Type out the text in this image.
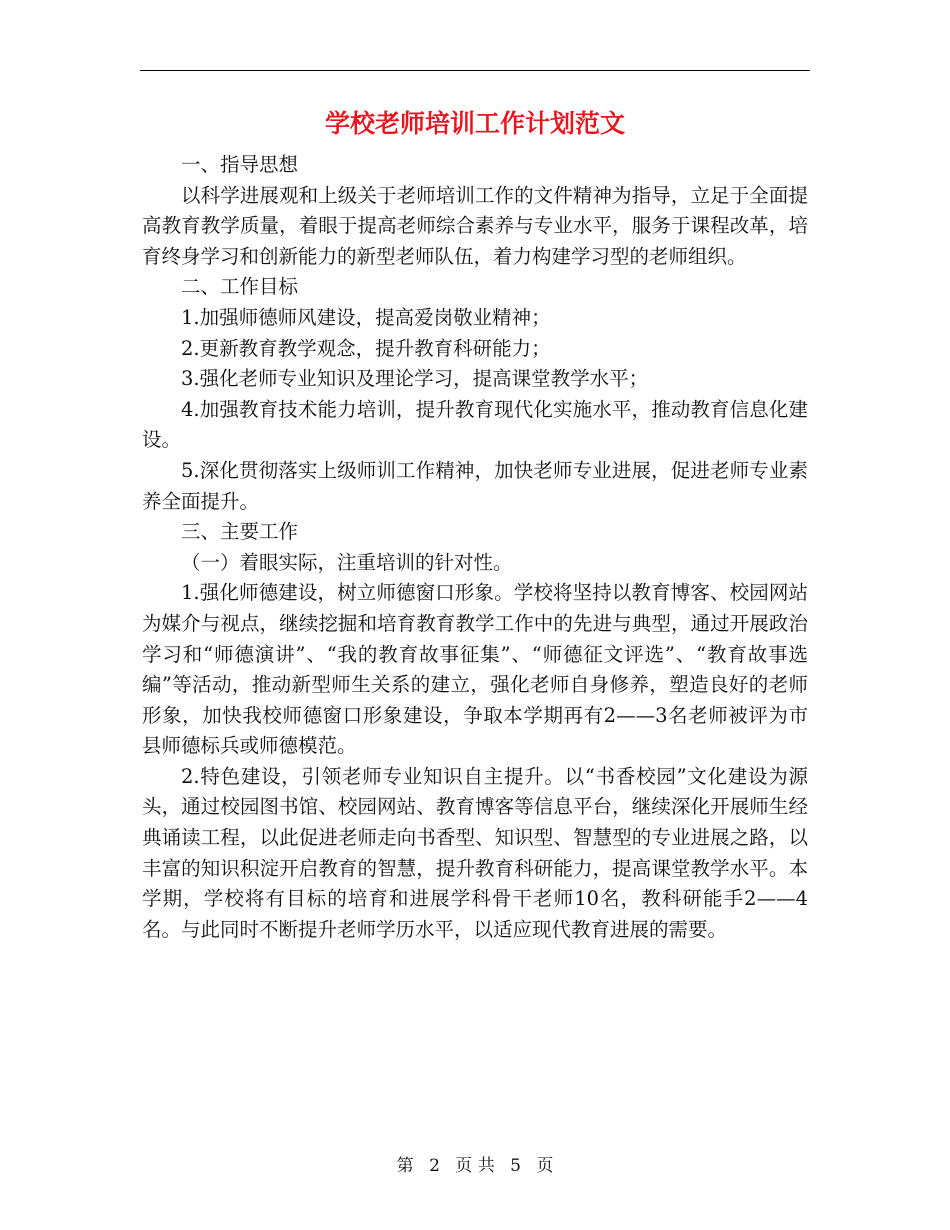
学校老师培训工作计划范文

一、指导思想

以科学进展观和上级关于老师培训工作的文件精神为指导，立足于全面提高教育教学质量，着眼于提高老师综合素养与专业水平，服务于课程改革，培育终身学习和创新能力的新型老师队伍，着力构建学习型的老师组织。

二、工作目标

1.加强师德师风建设，提高爱岗敬业精神；

2.更新教育教学观念，提升教育科研能力；

3.强化老师专业知识及理论学习，提高课堂教学水平；

4.加强教育技术能力培训，提升教育现代化实施水平，推动教育信息化建设。

5.深化贯彻落实上级师训工作精神，加快老师专业进展，促进老师专业素养全面提升。

三、主要工作

（一）着眼实际，注重培训的针对性。

1.强化师德建设，树立师德窗口形象。学校将坚持以教育博客、校园网站为媒介与视点，继续挖掘和培育教育教学工作中的先进与典型，通过开展政治学习和“师德演讲”、“我的教育故事征集”、“师德征文评选”、“教育故事选编”等活动，推动新型师生关系的建立，强化老师自身修养，塑造良好的老师形象，加快我校师德窗口形象建设，争取本学期再有2——3名老师被评为市县师德标兵或师德模范。

2.特色建设，引领老师专业知识自主提升。以“书香校园”文化建设为源头，通过校园图书馆、校园网站、教育博客等信息平台，继续深化开展师生经典诵读工程，以此促进老师走向书香型、知识型、智慧型的专业进展之路，以丰富的知识积淀开启教育的智慧，提升教育科研能力，提高课堂教学水平。本学期，学校将有目标的培育和进展学科骨干老师10名，教科研能手2——4名。与此同时不断提升老师学历水平，以适应现代教育进展的需要。

第 2 页 共 5 页
